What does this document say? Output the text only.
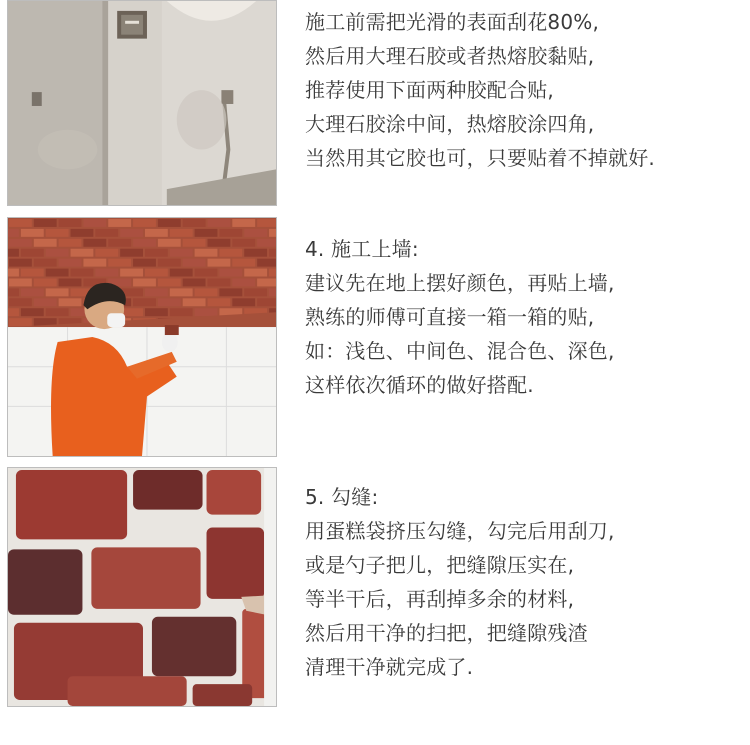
施工前需把光滑的表面刮花80%,
然后用大理石胶或者热熔胶黏贴,
推荐使用下面两种胶配合贴,
大理石胶涂中间，热熔胶涂四角,
当然用其它胶也可，只要贴着不掉就好.
4. 施工上墙:
建议先在地上摆好颜色，再贴上墙,
熟练的师傅可直接一箱一箱的贴,
如：浅色、中间色、混合色、深色,
这样依次循环的做好搭配.
5. 勾缝:
用蛋糕袋挤压勾缝，勾完后用刮刀,
或是勺子把儿，把缝隙压实在,
等半干后，再刮掉多余的材料,
然后用干净的扫把，把缝隙残渣
清理干净就完成了.
